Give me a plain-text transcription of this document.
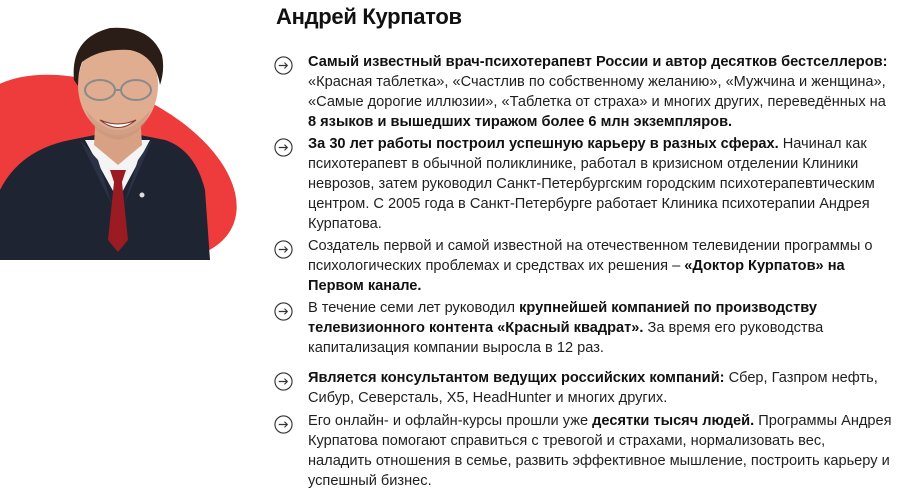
Андрей Курпатов

Самый известный врач-психотерапевт России и автор десятков бестселлеров: «Красная таблетка», «Счастлив по собственному желанию», «Мужчина и женщина», «Самые дорогие иллюзии», «Таблетка от страха» и многих других, переведённых на 8 языков и вышедших тиражом более 6 млн экземпляров.

За 30 лет работы построил успешную карьеру в разных сферах. Начинал как психотерапевт в обычной поликлинике, работал в кризисном отделении Клиники неврозов, затем руководил Санкт-Петербургским городским психотерапевтическим центром. С 2005 года в Санкт-Петербурге работает Клиника психотерапии Андрея Курпатова.

Создатель первой и самой известной на отечественном телевидении программы о психологических проблемах и средствах их решения – «Доктор Курпатов» на Первом канале.

В течение семи лет руководил крупнейшей компанией по производству телевизионного контента «Красный квадрат». За время его руководства капитализация компании выросла в 12 раз.

Является консультантом ведущих российских компаний: Сбер, Газпром нефть, Сибур, Северсталь, X5, HeadHunter и многих других.

Его онлайн- и офлайн-курсы прошли уже десятки тысяч людей. Программы Андрея Курпатова помогают справиться с тревогой и страхами, нормализовать вес, наладить отношения в семье, развить эффективное мышление, построить карьеру и успешный бизнес.
